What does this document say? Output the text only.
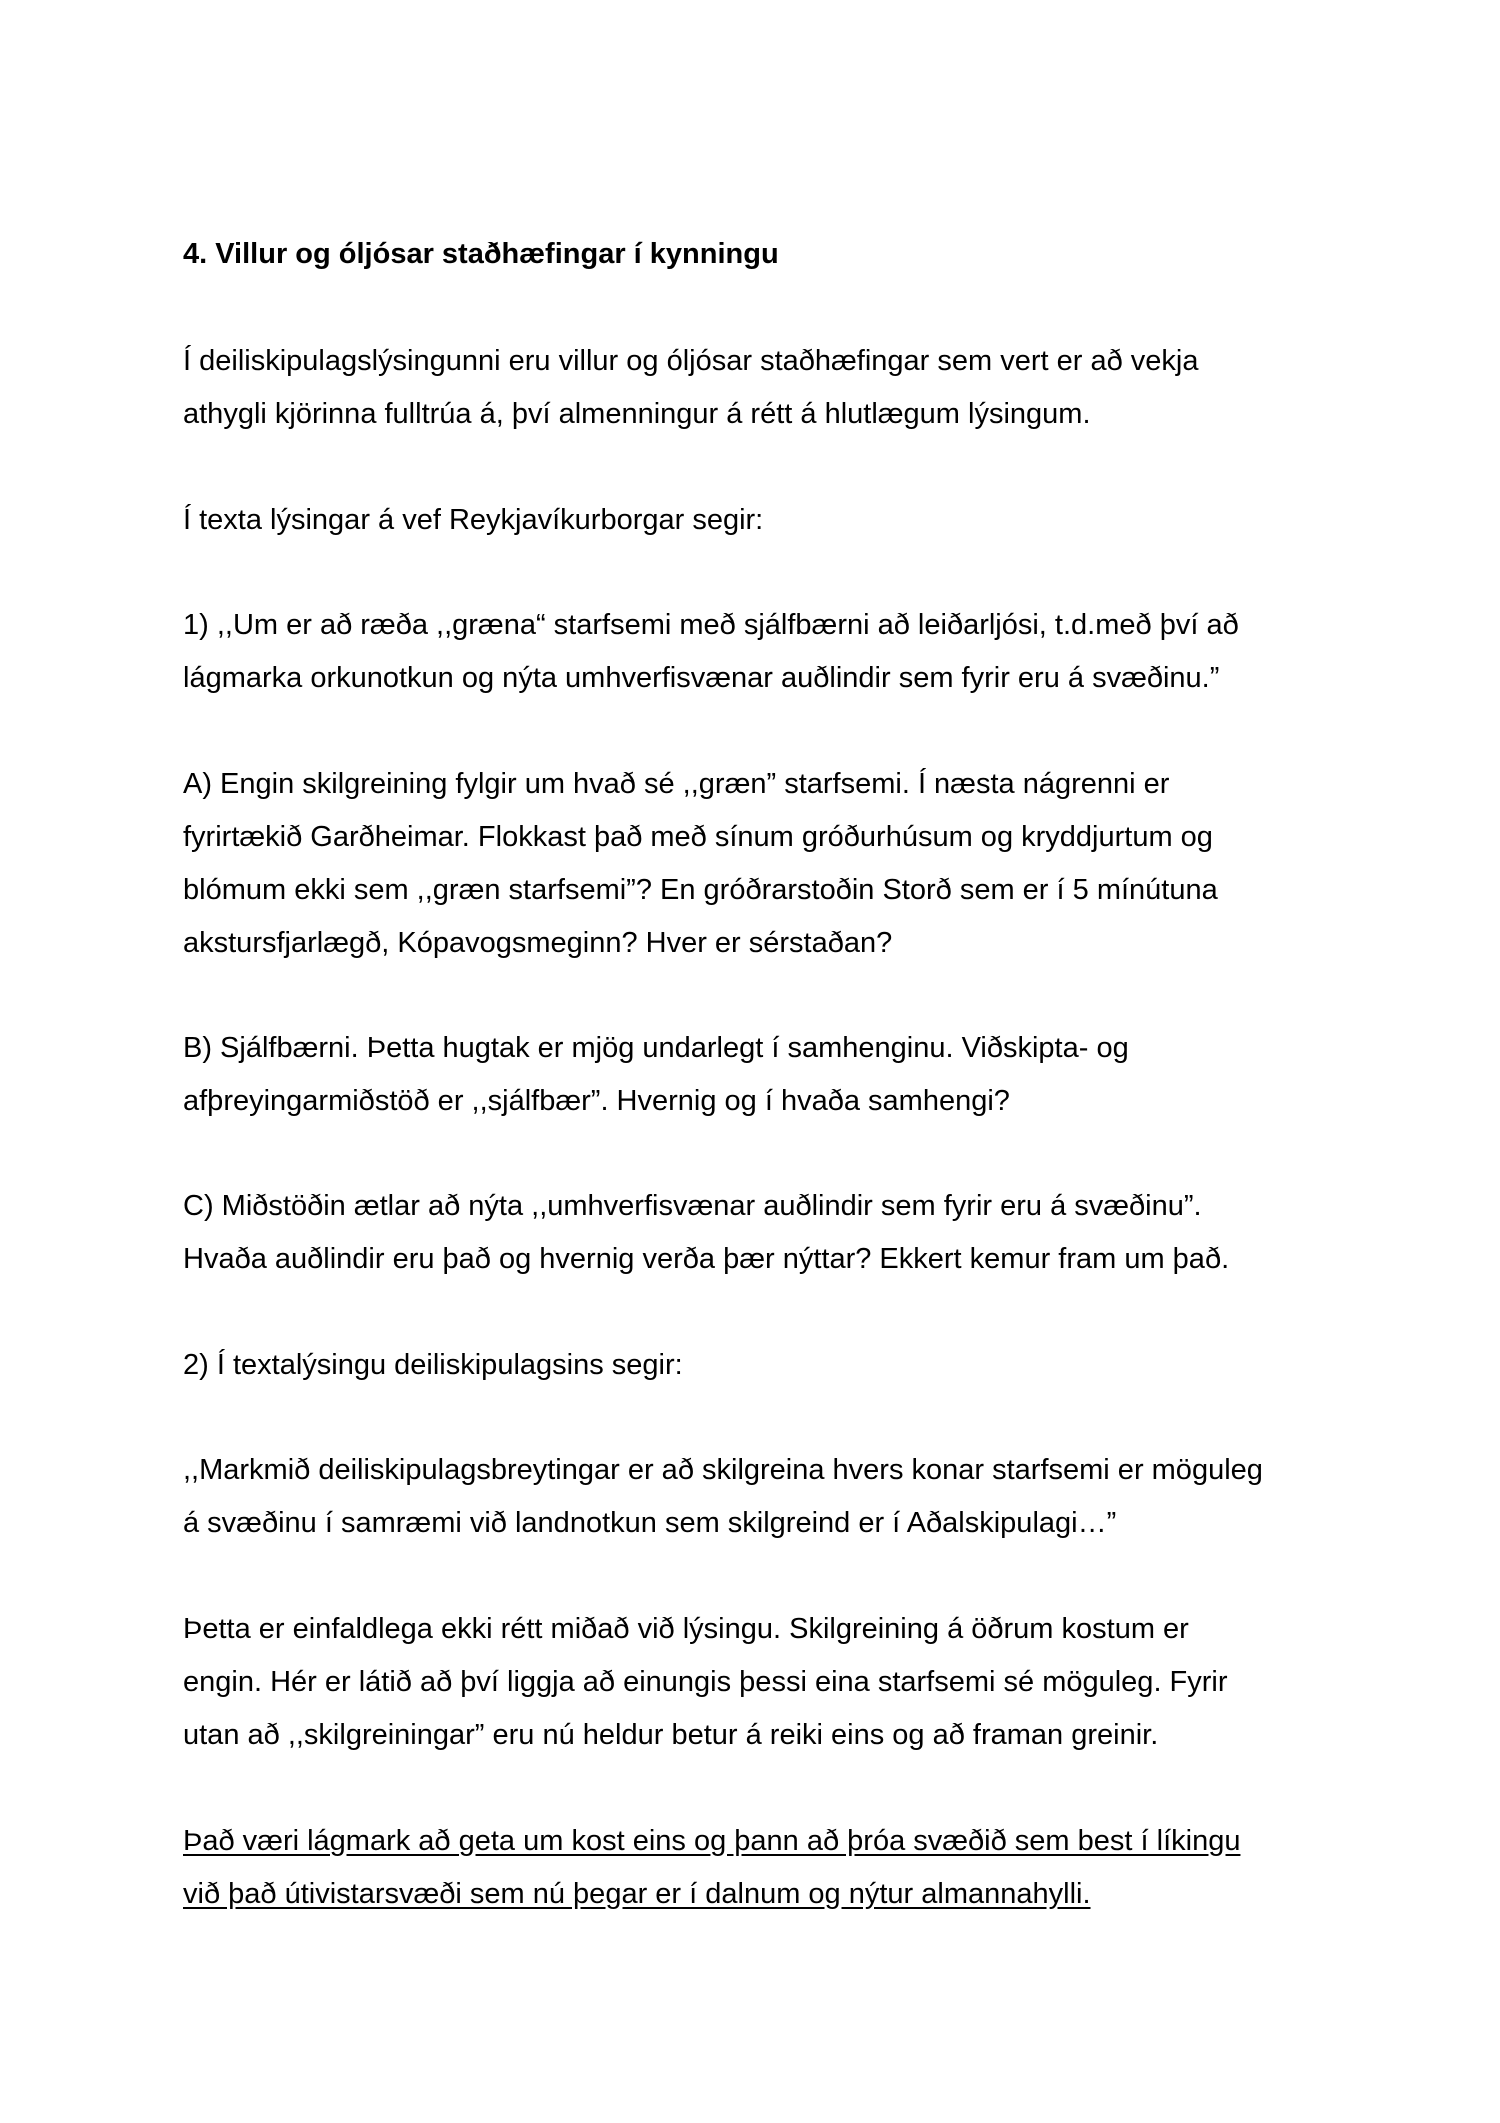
4. Villur og óljósar staðhæfingar í kynningu
Í deiliskipulagslýsingunni eru villur og óljósar staðhæfingar sem vert er að vekja
athygli kjörinna fulltrúa á, því almenningur á rétt á hlutlægum lýsingum.
Í texta lýsingar á vef Reykjavíkurborgar segir:
1) ,,Um er að ræða ,,græna“ starfsemi með sjálfbærni að leiðarljósi, t.d.með því að
lágmarka orkunotkun og nýta umhverfisvænar auðlindir sem fyrir eru á svæðinu.”
A) Engin skilgreining fylgir um hvað sé ,,græn” starfsemi. Í næsta nágrenni er
fyrirtækið Garðheimar. Flokkast það með sínum gróðurhúsum og kryddjurtum og
blómum ekki sem ,,græn starfsemi”? En gróðrarstoðin Storð sem er í 5 mínútuna
akstursfjarlægð, Kópavogsmeginn? Hver er sérstaðan?
B) Sjálfbærni. Þetta hugtak er mjög undarlegt í samhenginu. Viðskipta- og
afþreyingarmiðstöð er ,,sjálfbær”. Hvernig og í hvaða samhengi?
C) Miðstöðin ætlar að nýta ,,umhverfisvænar auðlindir sem fyrir eru á svæðinu”.
Hvaða auðlindir eru það og hvernig verða þær nýttar? Ekkert kemur fram um það.
2) Í textalýsingu deiliskipulagsins segir:
,,Markmið deiliskipulagsbreytingar er að skilgreina hvers konar starfsemi er möguleg
á svæðinu í samræmi við landnotkun sem skilgreind er í Aðalskipulagi…”
Þetta er einfaldlega ekki rétt miðað við lýsingu. Skilgreining á öðrum kostum er
engin. Hér er látið að því liggja að einungis þessi eina starfsemi sé möguleg. Fyrir
utan að ,,skilgreiningar” eru nú heldur betur á reiki eins og að framan greinir.
Það væri lágmark að geta um kost eins og þann að þróa svæðið sem best í líkingu
við það útivistarsvæði sem nú þegar er í dalnum og nýtur almannahylli.
